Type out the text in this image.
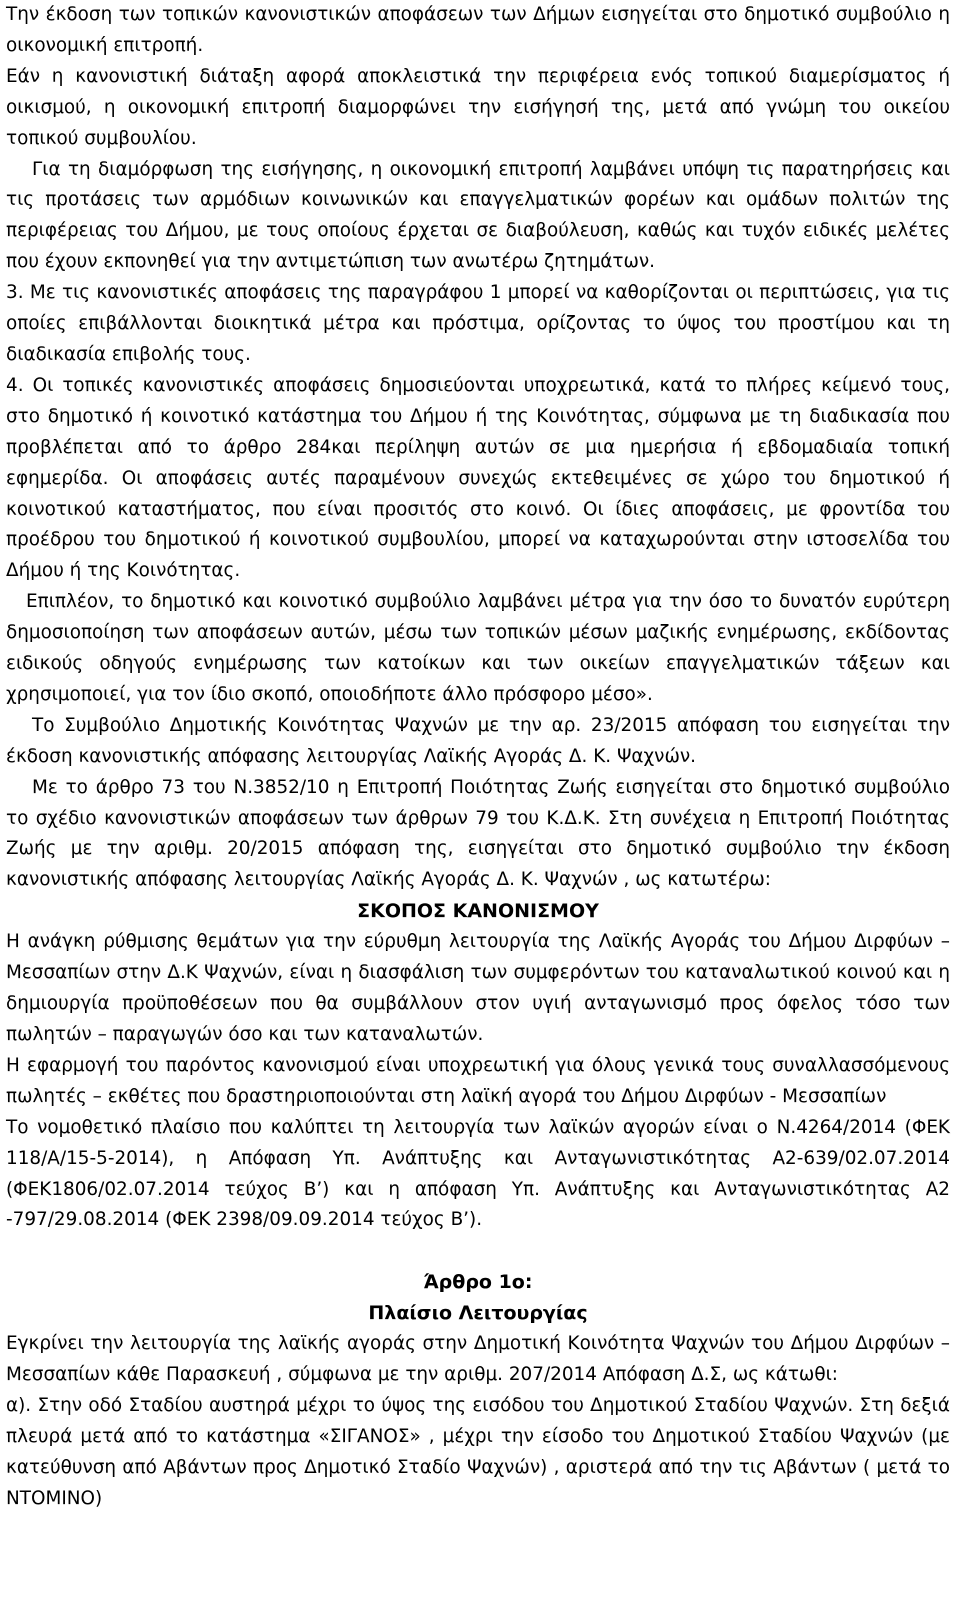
Την έκδοση των τοπικών κανονιστικών αποφάσεων των Δήμων εισηγείται στο δημοτικό συμβούλιο η οικονομική επιτροπή.

Εάν η κανονιστική διάταξη αφορά αποκλειστικά την περιφέρεια ενός τοπικού διαμερίσματος ή οικισμού, η οικονομική επιτροπή διαμορφώνει την εισήγησή της, μετά από γνώμη του οικείου τοπικού συμβουλίου.

Για τη διαμόρφωση της εισήγησης, η οικονομική επιτροπή λαμβάνει υπόψη τις παρατηρήσεις και τις προτάσεις των αρμόδιων κοινωνικών και επαγγελματικών φορέων και ομάδων πολιτών της περιφέρειας του Δήμου, με τους οποίους έρχεται σε διαβούλευση, καθώς και τυχόν ειδικές μελέτες που έχουν εκπονηθεί για την αντιμετώπιση των ανωτέρω ζητημάτων.

3. Με τις κανονιστικές αποφάσεις της παραγράφου 1 μπορεί να καθορίζονται οι περιπτώσεις, για τις οποίες επιβάλλονται διοικητικά μέτρα και πρόστιμα, ορίζοντας το ύψος του προστίμου και τη διαδικασία επιβολής τους.

4. Οι τοπικές κανονιστικές αποφάσεις δημοσιεύονται υποχρεωτικά, κατά το πλήρες κείμενό τους, στο δημοτικό ή κοινοτικό κατάστημα του Δήμου ή της Κοινότητας, σύμφωνα με τη διαδικασία που προβλέπεται από το άρθρο 284και περίληψη αυτών σε μια ημερήσια ή εβδομαδιαία τοπική εφημερίδα. Οι αποφάσεις αυτές παραμένουν συνεχώς εκτεθειμένες σε χώρο του δημοτικού ή κοινοτικού καταστήματος, που είναι προσιτός στο κοινό. Οι ίδιες αποφάσεις, με φροντίδα του προέδρου του δημοτικού ή κοινοτικού συμβουλίου, μπορεί να καταχωρούνται στην ιστοσελίδα του Δήμου ή της Κοινότητας.

Επιπλέον, το δημοτικό και κοινοτικό συμβούλιο λαμβάνει μέτρα για την όσο το δυνατόν ευρύτερη δημοσιοποίηση των αποφάσεων αυτών, μέσω των τοπικών μέσων μαζικής ενημέρωσης, εκδίδοντας ειδικούς οδηγούς ενημέρωσης των κατοίκων και των οικείων επαγγελματικών τάξεων και χρησιμοποιεί, για τον ίδιο σκοπό, οποιοδήποτε άλλο πρόσφορο μέσο».

Το Συμβούλιο Δημοτικής Κοινότητας Ψαχνών με την αρ. 23/2015 απόφαση του εισηγείται την έκδοση κανονιστικής απόφασης λειτουργίας Λαϊκής Αγοράς Δ. Κ. Ψαχνών.

Με το άρθρο 73 του Ν.3852/10 η Επιτροπή Ποιότητας Ζωής εισηγείται στο δημοτικό συμβούλιο το σχέδιο κανονιστικών αποφάσεων των άρθρων 79 του Κ.Δ.Κ. Στη συνέχεια η Επιτροπή Ποιότητας Ζωής με την αριθμ. 20/2015 απόφαση της, εισηγείται στο δημοτικό συμβούλιο την έκδοση κανονιστικής απόφασης λειτουργίας Λαϊκής Αγοράς Δ. Κ. Ψαχνών , ως κατωτέρω:

ΣΚΟΠΟΣ ΚΑΝΟΝΙΣΜΟΥ

Η ανάγκη ρύθμισης θεμάτων για την εύρυθμη λειτουργία της Λαϊκής Αγοράς του Δήμου Διρφύων – Μεσσαπίων στην Δ.Κ Ψαχνών, είναι η διασφάλιση των συμφερόντων του καταναλωτικού κοινού και η δημιουργία προϋποθέσεων που θα συμβάλλουν στον υγιή ανταγωνισμό προς όφελος τόσο των πωλητών – παραγωγών όσο και των καταναλωτών.

Η εφαρμογή του παρόντος κανονισμού είναι υποχρεωτική για όλους γενικά τους συναλλασσόμενους πωλητές – εκθέτες που δραστηριοποιούνται στη λαϊκή αγορά του Δήμου Διρφύων - Μεσσαπίων

Το νομοθετικό πλαίσιο που καλύπτει τη λειτουργία των λαϊκών αγορών είναι ο Ν.4264/2014 (ΦΕΚ 118/Α/15-5-2014), η Απόφαση Υπ. Ανάπτυξης και Ανταγωνιστικότητας Α2-639/02.07.2014 (ΦΕΚ1806/02.07.2014 τεύχος Β’) και η απόφαση Υπ. Ανάπτυξης και Ανταγωνιστικότητας Α2 -797/29.08.2014 (ΦΕΚ 2398/09.09.2014 τεύχος Β’).

Άρθρο 1ο:

Πλαίσιο Λειτουργίας

Εγκρίνει την λειτουργία της λαϊκής αγοράς στην Δημοτική Κοινότητα Ψαχνών του Δήμου Διρφύων – Μεσσαπίων κάθε Παρασκευή , σύμφωνα με την αριθμ. 207/2014 Απόφαση Δ.Σ, ως κάτωθι:

α). Στην οδό Σταδίου αυστηρά μέχρι το ύψος της εισόδου του Δημοτικού Σταδίου Ψαχνών. Στη δεξιά πλευρά μετά από το κατάστημα «ΣΙΓΑΝΟΣ» , μέχρι την είσοδο του Δημοτικού Σταδίου Ψαχνών (με κατεύθυνση από Αβάντων προς Δημοτικό Σταδίο Ψαχνών) , αριστερά από την τις Αβάντων ( μετά το ΝΤΟΜΙΝΟ)
